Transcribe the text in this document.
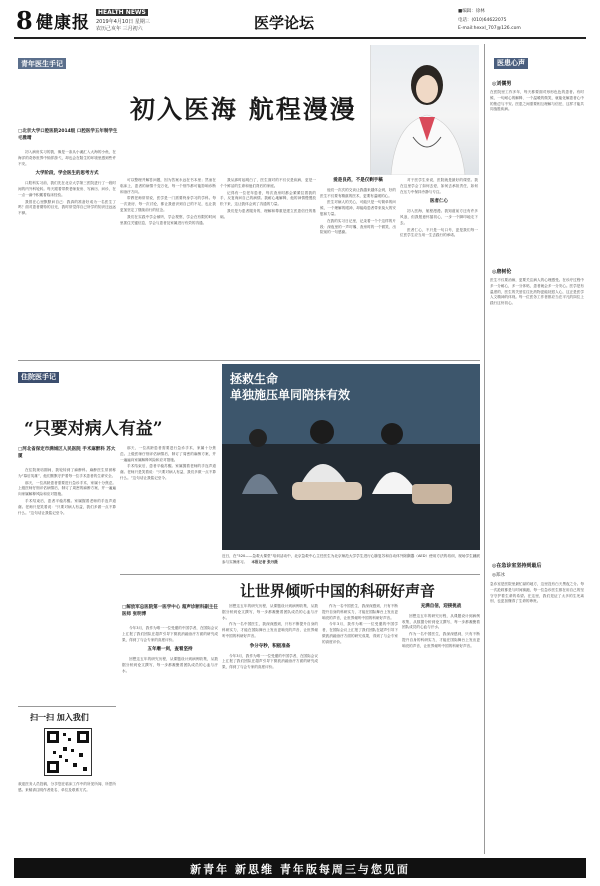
8 健康报
HEALTH NEWS
2019年4月10日 星期三
农历己亥年 三月初六	医学论坛
■编辑：徐林
电话：(010)64622075
E-mail:hexxl_707@126.com
青年医生手记
初入医海 航程漫漫
□北京大学口腔医院2014级 口腔医学五年制学生 毛雅晴

初入病房实习的我，像是一条从小溪汇入大海的小鱼，在海洋的奇妙世界中徜徉游弋，却也会在陌生的环境里感到些许不安。

大学阶段，学会医生的思考方式

口腔科实习前，我们先在北京大学第三医院进行了一段时间的内外科轮转。每天跟着带教老师查房、写病历、问诊，在一点一滴中积累着临床经验。

我曾在心里默默问自己：我真的准备好成为一名医生了吗？面对患者期待的目光，我时常觉得自己所学的知识还远远不够。

可以整理并解答问题，因为答案永远在书本里；然而在临床上，患者的病情千变万化，每一个细节都可能影响诊断和治疗方向。

带教老师常常说，医学是一门需要终身学习的学科。每一次查房、每一次讨论，都让我意识到自己的不足，也让我更加坚定了继续前行的信念。

我们在实践中学会倾听，学会观察，学会在有限的时间里抓住关键信息，学会与患者及家属进行有效的沟通。

我从那时起明白了，医生面对的不仅仅是疾病，更是一个个鲜活的生命和他们背后的家庭。

记得有一位老年患者，每次查房时都会紧紧拉着我的手，反复询问自己的病情。我耐心地解释，他的神情慢慢放松下来，这让我体会到了沟通的力量。

我们是为患者服务的，理解和尊重是建立医患信任的基础。

爱是良药，不是仅剩手稿

他们一次次的交谈让我越来越体会到，好的医生不仅要有精湛的医术，更要有温暖的心。

医生对病人的关心，可能只是一句简单的问候，一个理解的眼神，却能给患者带来莫大的安慰和力量。

在我的实习日记里，记录着一个个这样的片段：深夜里的一声叮嘱、查房时的一个微笑、出院前的一句感谢。

对于医学生来说，医院就是最好的课堂。我在这里学会了如何去爱，如何去承担责任，如何在压力中保持冷静与专注。

医者仁心

初入医海，航程漫漫。我知道前方还有许多风浪，但我愿意怀揣初心，一步一个脚印地走下去。

医者仁心，不只是一句口号，更是我们每一位医学生应当用一生去践行的承诺。

住院医手记
“只要对病人有益”
□河北省保定市满城区人民医院 手术麻醉科 苏大厦

在住院规培期间，我轮转到了麻醉科。麻醉医生常被称为“幕后英雄”，他们默默守护着每一位手术患者的生命安全。

那天，一位高龄患者需要进行急诊手术，家属十分焦虑。上级医师仔细评估病情后，制订了周密的麻醉方案，并一遍遍向家属解释风险和应对措施。

手术结束后，患者平稳苏醒。家属握着老师的手连声道谢。老师只是笑着说：“只要对病人有益，我们多做一点不算什么。”这句话让我铭记至今。

那天，一位高龄患者需要进行急诊手术，家属十分焦虑。上级医师仔细评估病情后，制订了周密的麻醉方案，并一遍遍向家属解释风险和应对措施。

手术结束后，患者平稳苏醒。家属握着老师的手连声道谢。老师只是笑着说：“只要对病人有益，我们多做一点不算什么。”这句话让我铭记至今。

拯救生命
单独施压单同陪抹有效
近日，在“520——急救大课堂”培训活动中，北京急救中心主任医生为北京师范大学学生进行心肺复苏和自动体外除颤器（AED）使用方法的培训，现场学生踊跃参与实操练习。 本报记者 张丹摄
让世界倾听中国的科研好声音
□解放军总医院第一医学中心 超声诊断科副主任医师 张明博

今年3月，我作为唯一一位受邀的中国学者，在国际会议上汇报了我们团队在超声引导下微波消融治疗方面的研究成果，得到了与会专家的高度评价。

五年磨一剑，查看坚持

回想这五年的研究历程，从课题设计到病例收集，从数据分析到论文撰写，每一步都凝聚着团队成员的心血与汗水。

回想这五年的研究历程，从课题设计到病例收集，从数据分析到论文撰写，每一步都凝聚着团队成员的心血与汗水。

作为一名中国医生，我深深感到，只有不断提升自身的科研实力，才能在国际舞台上发出更响亮的声音，让世界倾听中国的科研好声音。

争分夺秒，积极准备

今年3月，我作为唯一一位受邀的中国学者，在国际会议上汇报了我们团队在超声引导下微波消融治疗方面的研究成果，得到了与会专家的高度评价。

作为一名中国医生，我深深感到，只有不断提升自身的科研实力，才能在国际舞台上发出更响亮的声音，让世界倾听中国的科研好声音。

今年3月，我作为唯一一位受邀的中国学者，在国际会议上汇报了我们团队在超声引导下微波消融治疗方面的研究成果，得到了与会专家的高度评价。

充满自信，迎接挑战

回想这五年的研究历程，从课题设计到病例收集，从数据分析到论文撰写，每一步都凝聚着团队成员的心血与汗水。

作为一名中国医生，我深深感到，只有不断提升自身的科研实力，才能在国际舞台上发出更响亮的声音，让世界倾听中国的科研好声音。

扫一扫 加入我们
欢迎医务人员投稿，分享您在临床工作中的所见所闻、所思所感。来稿请注明作者姓名、单位及联系方式。
医患心声
◎刘儒男
在医院里工作多年，每天都要面对形形色色的患者。有时候，一句耐心的解释、一个温暖的微笑，就能化解患者心中的焦虑与不安。医患之间需要相互理解与信任，这样才能共同战胜疾病。
◎唐树伦
医生不仅要治病，更要关注病人的心理感受。在诊疗过程中多一分耐心，多一分体贴，患者就会多一分安心。医学是有温度的，医生的关爱往往比药物更能抚慰人心，这正是医学人文精神的体现。每一位医务工作者都应当在平凡的岗位上践行这份初心。
◎在急诊室坚持到最后
◎郑冰
急诊室是医院里最忙碌的地方，这里没有白天黑夜之分。每一次抢救都是与时间赛跑，每一位急诊医生都在用自己的坚守守护着生命的希望。在这里，我们见证了太多的生死离别，也更加懂得了生命的珍贵。
新青年 新思维 青年版每周三与您见面
